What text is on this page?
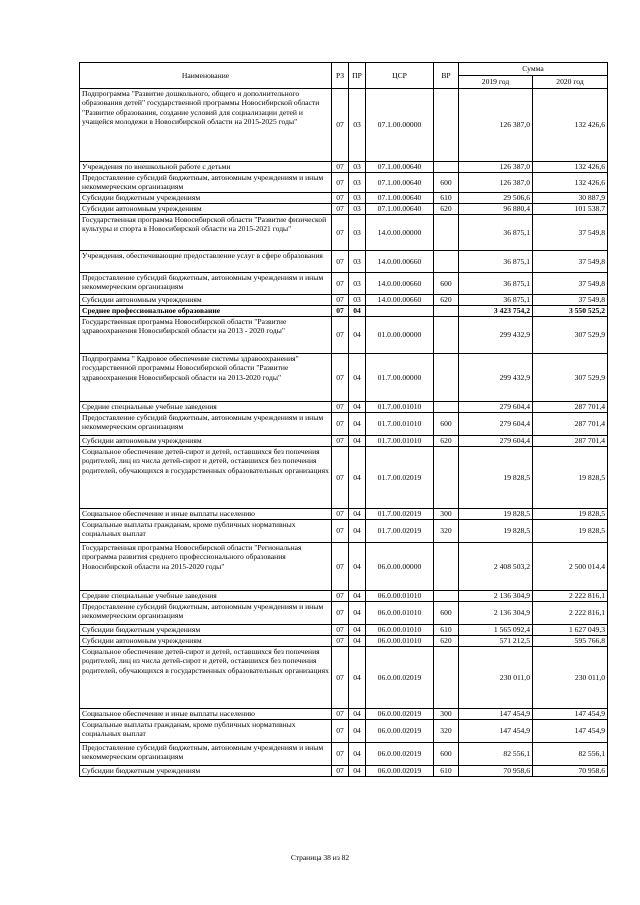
Наименование	РЗ	ПР	ЦСР	ВР	Сумма	
					2019 год	2020 год
Подпрограмма "Развитие дошкольного, общего и дополнительного образования детей" государственной программы Новосибирской области "Развитие образования, создание условий для социализации детей и учащейся молодежи в Новосибирской области на 2015-2025 годы"	07	03	07.1.00.00000		126 387,0	132 426,6
Учреждения по внешкольной работе с детьми	07	03	07.1.00.00640		126 387,0	132 426,6
Предоставление субсидий бюджетным, автономным учреждениям и иным некоммерческим организациям	07	03	07.1.00.00640	600	126 387,0	132 426,6
Субсидии бюджетным учреждениям	07	03	07.1.00.00640	610	29 506,6	30 887,9
Субсидии автономным учреждениям	07	03	07.1.00.00640	620	96 880,4	101 538,7
Государственная программа Новосибирской области "Развитие физической культуры и спорта в Новосибирской области на 2015-2021 годы"	07	03	14.0.00.00000		36 875,1	37 549,8
Учреждения, обеспечивающие предоставление услуг в сфере образования	07	03	14.0.00.00660		36 875,1	37 549,8
Предоставление субсидий бюджетным, автономным учреждениям и иным некоммерческим организациям	07	03	14.0.00.00660	600	36 875,1	37 549,8
Субсидии автономным учреждениям	07	03	14.0.00.00660	620	36 875,1	37 549,8
Среднее профессиональное образование	07	04			3 423 754,2	3 550 525,2
Государственная программа Новосибирской области "Развитие здравоохранения Новосибирской области на 2013 - 2020 годы"	07	04	01.0.00.00000		299 432,9	307 529,9
Подпрограмма " Кадровое обеспечение системы здравоохранения" государственной программы Новосибирской области "Развитие здравоохранения Новосибирской области на 2013-2020 годы"	07	04	01.7.00.00000		299 432,9	307 529,9
Средние специальные учебные заведения	07	04	01.7.00.01010		279 604,4	287 701,4
Предоставление субсидий бюджетным, автономным учреждениям и иным некоммерческим организациям	07	04	01.7.00.01010	600	279 604,4	287 701,4
Субсидии автономным учреждениям	07	04	01.7.00.01010	620	279 604,4	287 701,4
Социальное обеспечение детей-сирот и детей, оставшихся без попечения родителей, лиц из числа детей-сирот и детей, оставшихся без попечения родителей, обучающихся в государственных образовательных организациях	07	04	01.7.00.02019		19 828,5	19 828,5
Социальное обеспечение и иные выплаты населению	07	04	01.7.00.02019	300	19 828,5	19 828,5
Социальные выплаты гражданам, кроме публичных нормативных социальных выплат	07	04	01.7.00.02019	320	19 828,5	19 828,5
Государственная программа Новосибирской области "Региональная программа развития среднего профессионального образования Новосибирской области на 2015-2020 годы"	07	04	06.0.00.00000		2 408 503,2	2 500 014,4
Средние специальные учебные заведения	07	04	06.0.00.01010		2 136 304,9	2 222 816,1
Предоставление субсидий бюджетным, автономным учреждениям и иным некоммерческим организациям	07	04	06.0.00.01010	600	2 136 304,9	2 222 816,1
Субсидии бюджетным учреждениям	07	04	06.0.00.01010	610	1 565 092,4	1 627 049,3
Субсидии автономным учреждениям	07	04	06.0.00.01010	620	571 212,5	595 766,8
Социальное обеспечение детей-сирот и детей, оставшихся без попечения родителей, лиц из числа детей-сирот и детей, оставшихся без попечения родителей, обучающихся в государственных образовательных организациях	07	04	06.0.00.02019		230 011,0	230 011,0
Социальное обеспечение и иные выплаты населению	07	04	06.0.00.02019	300	147 454,9	147 454,9
Социальные выплаты гражданам, кроме публичных нормативных социальных выплат	07	04	06.0.00.02019	320	147 454,9	147 454,9
Предоставление субсидий бюджетным, автономным учреждениям и иным некоммерческим организациям	07	04	06.0.00.02019	600	82 556,1	82 556,1
Субсидии бюджетным учреждениям	07	04	06.0.00.02019	610	70 958,6	70 958,6
Страница 38 из 82
